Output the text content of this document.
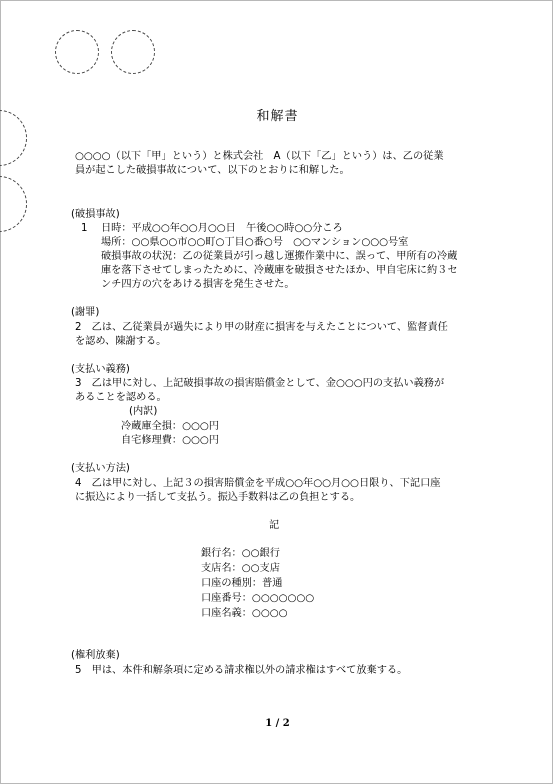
和解書
○○○○（以下「甲」という）と株式会社　A（以下「乙」という）は、乙の従業
員が起こした破損事故について、以下のとおりに和解した。
(破損事故)
1 日時：平成○○年○○月○○日　午後○○時○○分ころ
場所：○○県○○市○○町○丁目○番○号　○○マンション○○○号室
破損事故の状況：乙の従業員が引っ越し運搬作業中に、誤って、甲所有の冷蔵
庫を落下させてしまったために、冷蔵庫を破損させたほか、甲自宅床に約３セ
ンチ四方の穴をあける損害を発生させた。
(謝罪)
2　乙は、乙従業員が過失により甲の財産に損害を与えたことについて、監督責任
を認め、陳謝する。
(支払い義務)
3　乙は甲に対し、上記破損事故の損害賠償金として、金○○○円の支払い義務が
あることを認める。
(内訳)
冷蔵庫全損：○○○円
自宅修理費：○○○円
(支払い方法)
4　乙は甲に対し、上記３の損害賠償金を平成○○年○○月○○日限り、下記口座
に振込により一括して支払う。振込手数料は乙の負担とする。
記
銀行名：○○銀行
支店名：○○支店
口座の種別：普通
口座番号：○○○○○○○
口座名義：○○○○
(権利放棄)
5　甲は、本件和解条項に定める請求権以外の請求権はすべて放棄する。
1 / 2
